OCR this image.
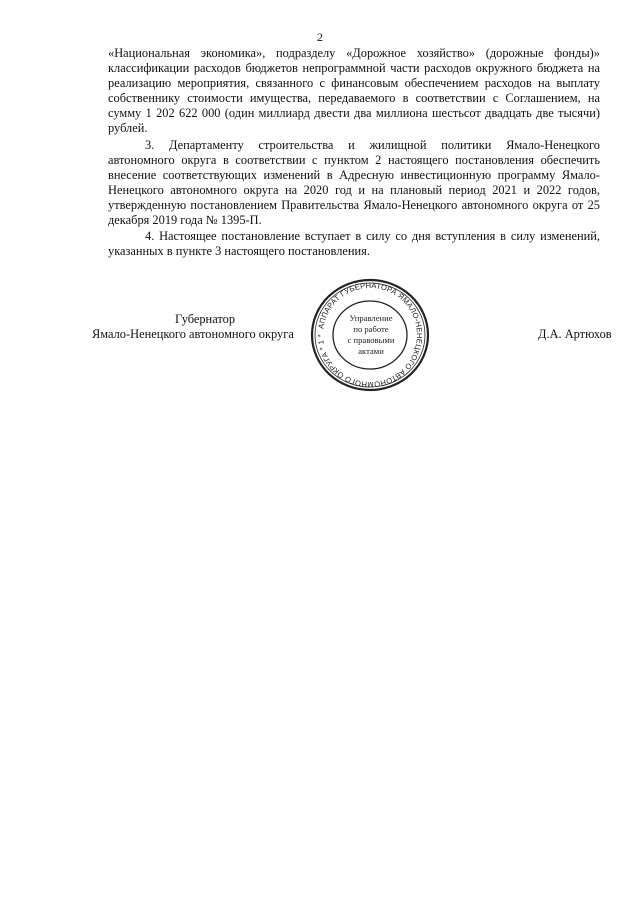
2

«Национальная экономика», подразделу «Дорожное хозяйство» (дорожные фонды)» классификации расходов бюджетов непрограммной части расходов окружного бюджета на реализацию мероприятия, связанного с финансовым обеспечением расходов на выплату собственнику стоимости имущества, передаваемого в соответствии с Соглашением, на сумму 1 202 622 000 (один миллиард двести два миллиона шестьсот двадцать две тысячи) рублей.

3. Департаменту строительства и жилищной политики Ямало-Ненецкого автономного округа в соответствии с пунктом 2 настоящего постановления обеспечить внесение соответствующих изменений в Адресную инвестиционную программу Ямало-Ненецкого автономного округа на 2020 год и на плановый период 2021 и 2022 годов, утвержденную постановлением Правительства Ямало-Ненецкого автономного округа от 25 декабря 2019 года № 1395-П.

4. Настоящее постановление вступает в силу со дня вступления в силу изменений, указанных в пункте 3 настоящего постановления.

Губернатор
Ямало-Ненецкого автономного округа	Д.А. Артюхов
АППАРАТ ГУБЕРНАТОРА ЯМАЛО-НЕНЕЦКОГО АВТОНОМНОГО ОКРУГА * 1 *
Управление
по работе
с правовыми
актами
